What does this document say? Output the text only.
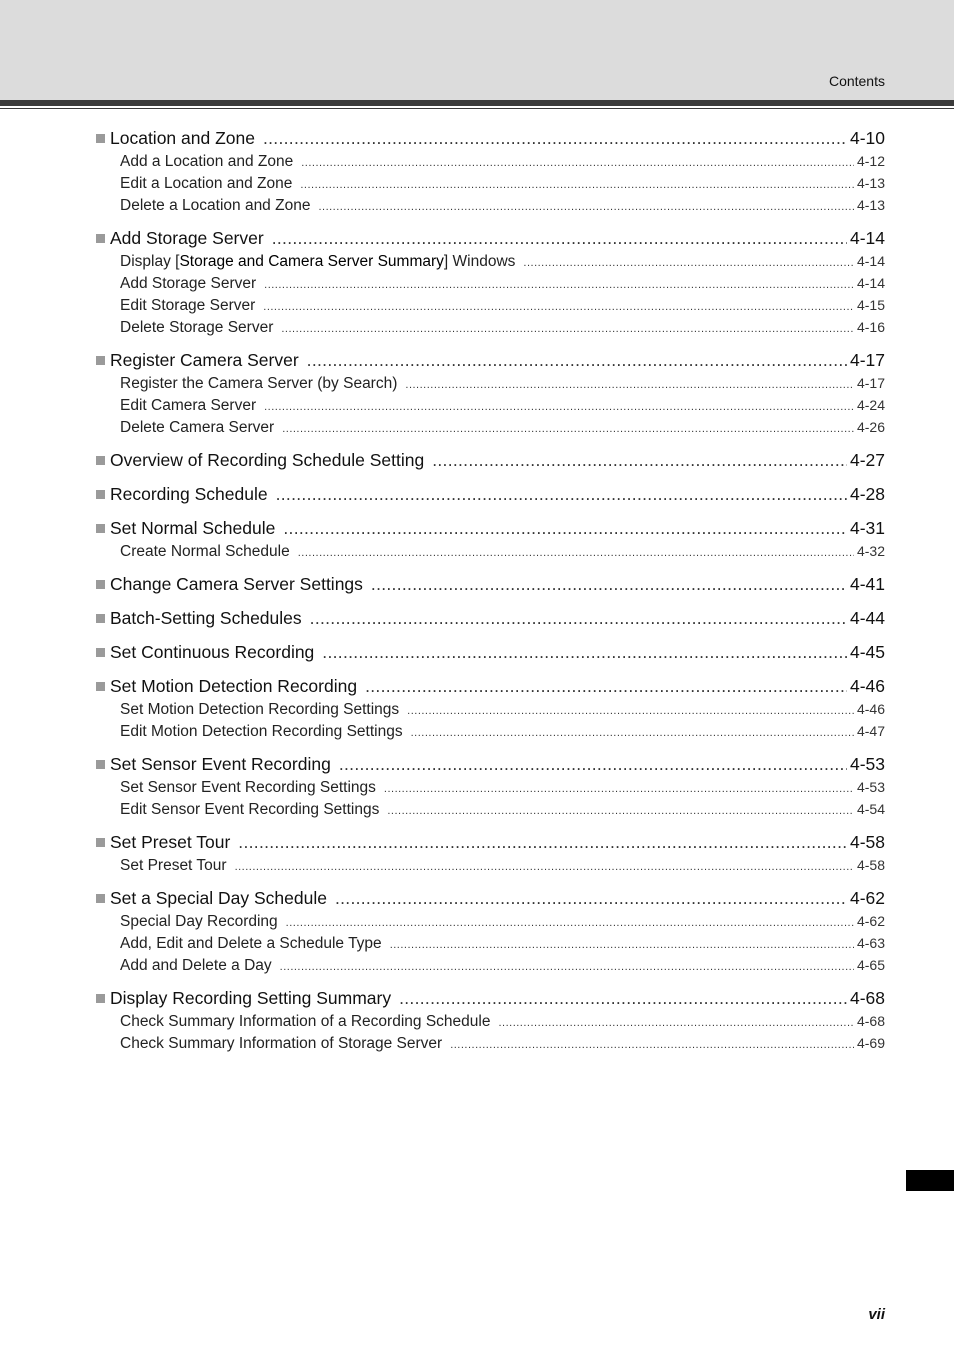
Contents
Location and Zone .....	4-10
Add a Location and Zone .....	4-12
Edit a Location and Zone .....	4-13
Delete a Location and Zone .....	4-13
Add Storage Server .....	4-14
Display [Storage and Camera Server Summary] Windows .....	4-14
Add Storage Server .....	4-14
Edit Storage Server .....	4-15
Delete Storage Server .....	4-16
Register Camera Server .....	4-17
Register the Camera Server (by Search) .....	4-17
Edit Camera Server .....	4-24
Delete Camera Server .....	4-26
Overview of Recording Schedule Setting .....	4-27
Recording Schedule .....	4-28
Set Normal Schedule .....	4-31
Create Normal Schedule .....	4-32
Change Camera Server Settings .....	4-41
Batch-Setting Schedules .....	4-44
Set Continuous Recording .....	4-45
Set Motion Detection Recording .....	4-46
Set Motion Detection Recording Settings .....	4-46
Edit Motion Detection Recording Settings .....	4-47
Set Sensor Event Recording .....	4-53
Set Sensor Event Recording Settings .....	4-53
Edit Sensor Event Recording Settings .....	4-54
Set Preset Tour .....	4-58
Set Preset Tour .....	4-58
Set a Special Day Schedule .....	4-62
Special Day Recording .....	4-62
Add, Edit and Delete a Schedule Type .....	4-63
Add and Delete a Day .....	4-65
Display Recording Setting Summary .....	4-68
Check Summary Information of a Recording Schedule .....	4-68
Check Summary Information of Storage Server .....	4-69
vii
